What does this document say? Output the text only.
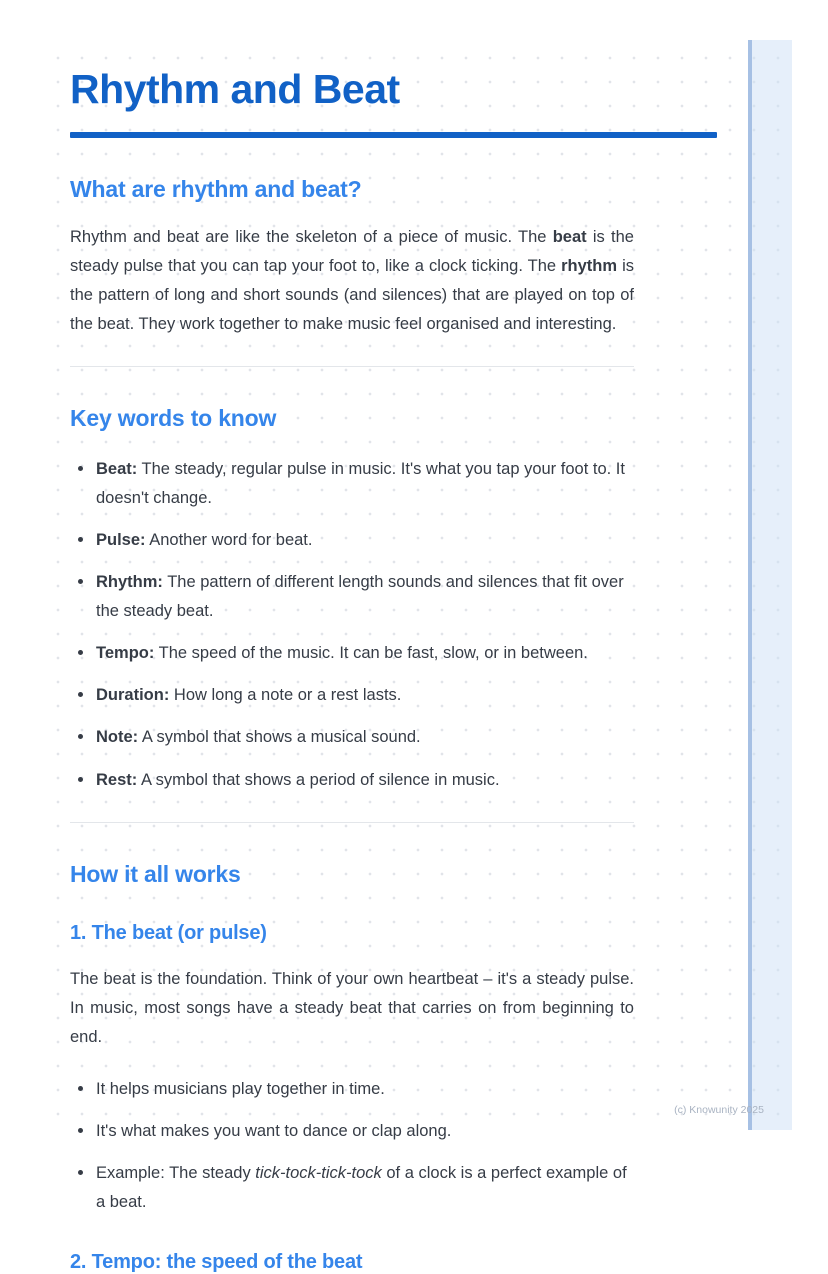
Rhythm and Beat
What are rhythm and beat?

Rhythm and beat are like the skeleton of a piece of music. The beat is the steady pulse that you can tap your foot to, like a clock ticking. The rhythm is the pattern of long and short sounds (and silences) that are played on top of the beat. They work together to make music feel organised and interesting.

Key words to know
Beat: The steady, regular pulse in music. It's what you tap your foot to. It doesn't change.
Pulse: Another word for beat.
Rhythm: The pattern of different length sounds and silences that fit over the steady beat.
Tempo: The speed of the music. It can be fast, slow, or in between.
Duration: How long a note or a rest lasts.
Note: A symbol that shows a musical sound.
Rest: A symbol that shows a period of silence in music.
How it all works
1. The beat (or pulse)

The beat is the foundation. Think of your own heartbeat – it's a steady pulse. In music, most songs have a steady beat that carries on from beginning to end.

It helps musicians play together in time.
It's what makes you want to dance or clap along.
Example: The steady tick-tock-tick-tock of a clock is a perfect example of a beat.
2. Tempo: the speed of the beat
(c) Knowunity 2025
